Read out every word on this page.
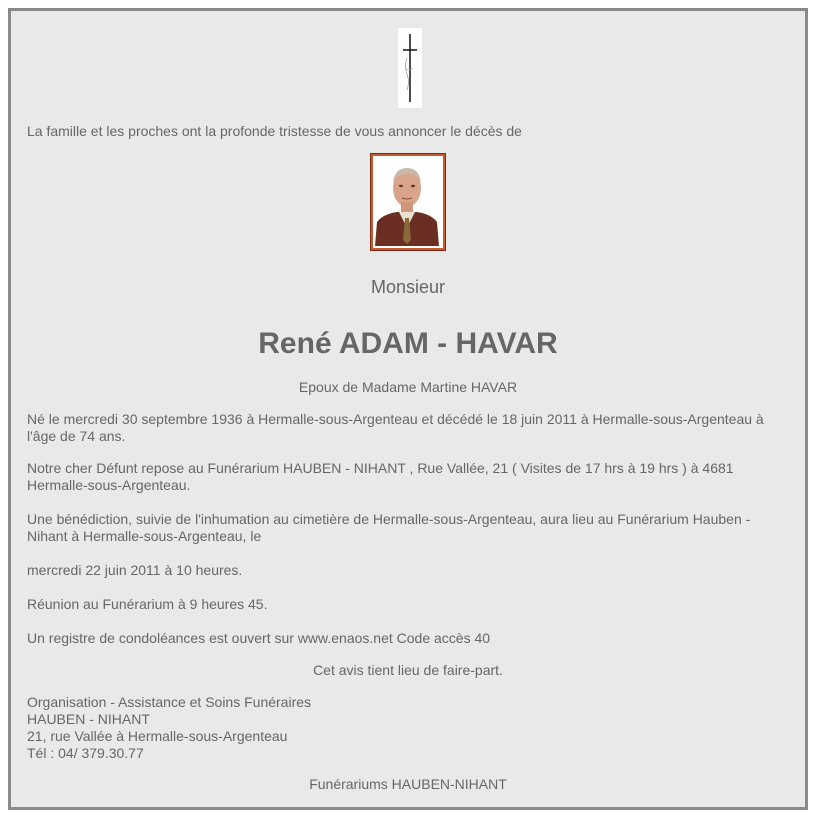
La famille et les proches ont la profonde tristesse de vous annoncer le décès de
Monsieur
René ADAM - HAVAR
Epoux de Madame Martine HAVAR
Né le mercredi 30 septembre 1936 à Hermalle-sous-Argenteau et décédé le 18 juin 2011 à Hermalle-sous-Argenteau à l'âge de 74 ans.
Notre cher Défunt repose au Funérarium HAUBEN - NIHANT , Rue Vallée, 21 ( Visites de 17 hrs à 19 hrs ) à 4681 Hermalle-sous-Argenteau.
Une bénédiction, suivie de l'inhumation au cimetière de Hermalle-sous-Argenteau, aura lieu au Funérarium Hauben - Nihant à Hermalle-sous-Argenteau, le
mercredi 22 juin 2011 à 10 heures.
Réunion au Funérarium à 9 heures 45.
Un registre de condoléances est ouvert sur www.enaos.net Code accès 40
Cet avis tient lieu de faire-part.
Organisation - Assistance et Soins Funéraires
HAUBEN - NIHANT
21, rue Vallée à Hermalle-sous-Argenteau
Tél : 04/ 379.30.77
Funérariums HAUBEN-NIHANT
